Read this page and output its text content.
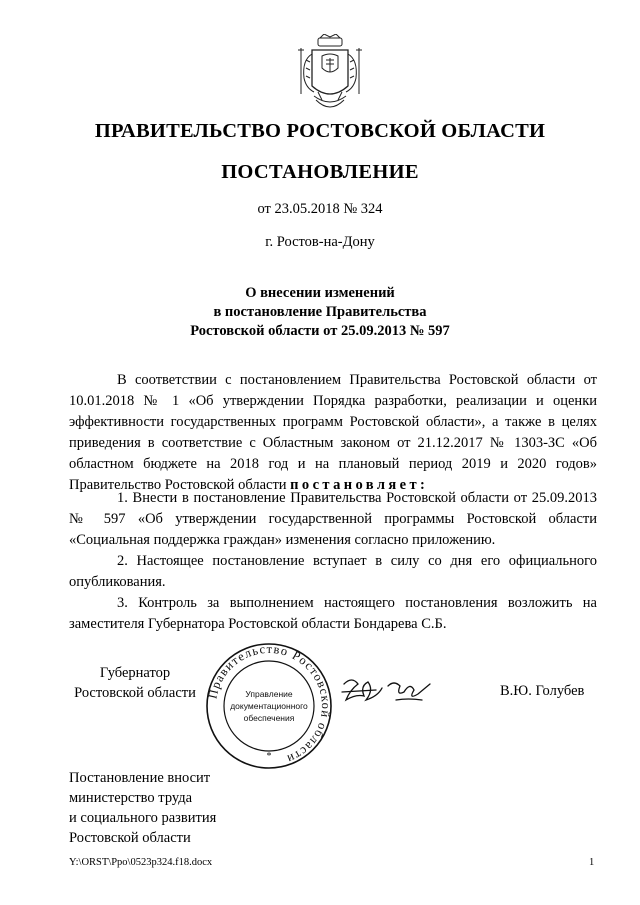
ПРАВИТЕЛЬСТВО РОСТОВСКОЙ ОБЛАСТИ
ПОСТАНОВЛЕНИЕ
от 23.05.2018 № 324
г. Ростов-на-Дону
О внесении изменений
в постановление Правительства
Ростовской области от 25.09.2013 № 597

В соответствии с постановлением Правительства Ростовской области от 10.01.2018 № 1 «Об утверждении Порядка разработки, реализации и оценки эффективности государственных программ Ростовской области», а также в целях приведения в соответствие с Областным законом от 21.12.2017 № 1303-ЗС «Об областном бюджете на 2018 год и на плановый период 2019 и 2020 годов» Правительство Ростовской области постановляет:

1. Внести в постановление Правительства Ростовской области от 25.09.2013 № 597 «Об утверждении государственной программы Ростовской области «Социальная поддержка граждан» изменения согласно приложению.

2. Настоящее постановление вступает в силу со дня его официального опубликования.

3. Контроль за выполнением настоящего постановления возложить на заместителя Губернатора Ростовской области Бондарева С.Б.

Губернатор
Ростовской области Правительство Ростовской области
Управление
документационного
обеспечения
*
В.Ю. Голубев
Постановление вносит
министерство труда
и социального развития
Ростовской области
Y:\ORST\Ppo\0523p324.f18.docx	1
